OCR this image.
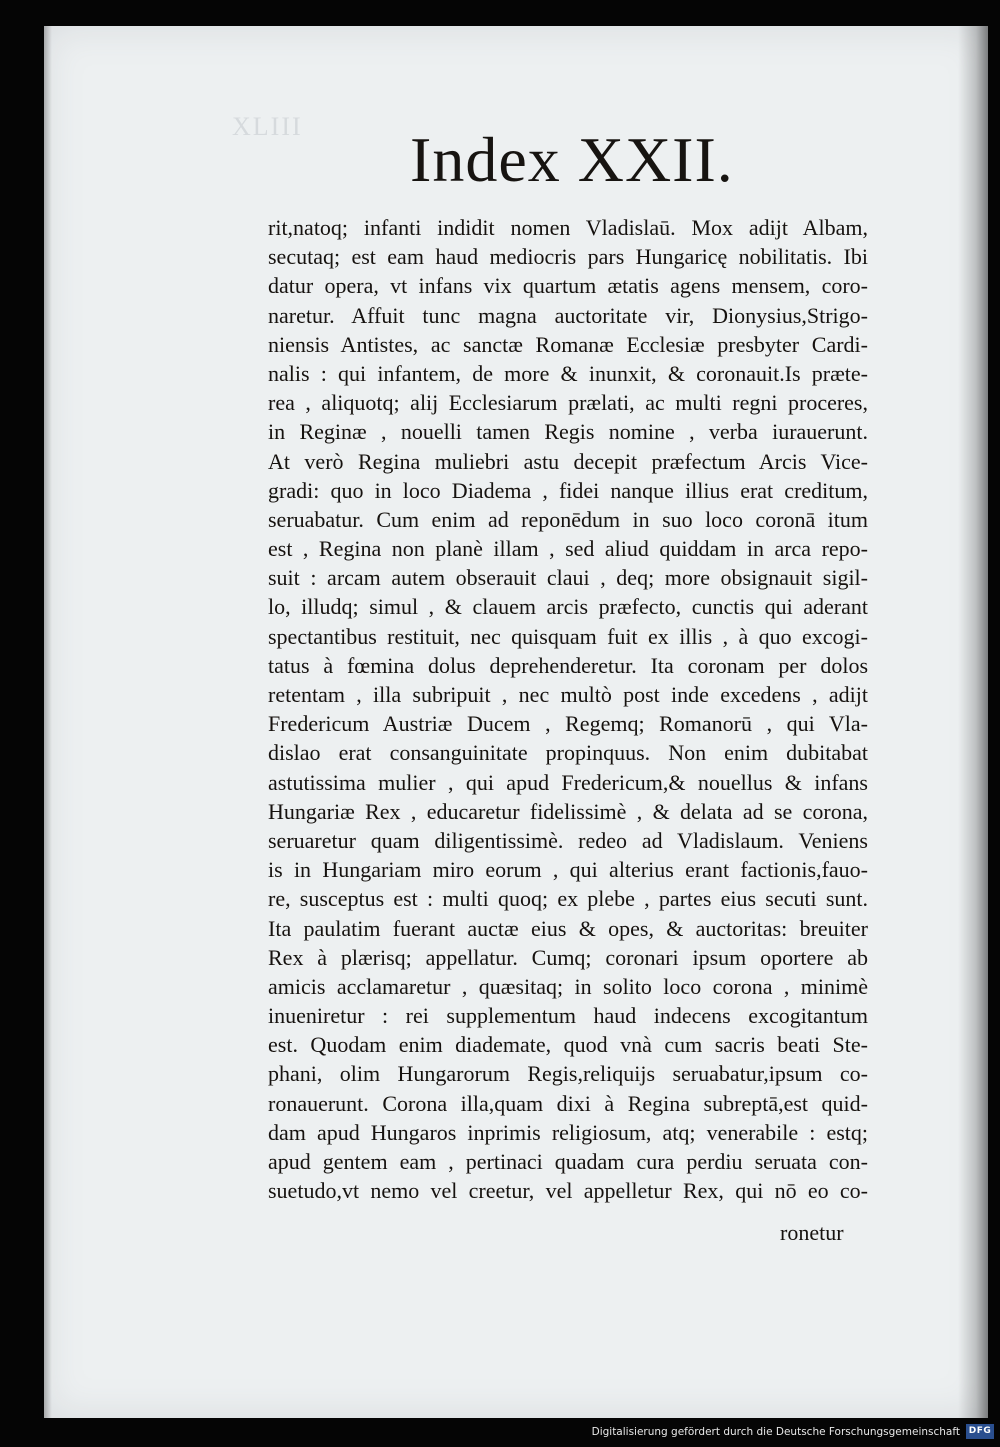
XLIII Index XXII.
rit,natoq; infanti indidit nomen Vladislaū. Mox adijt Albam,
secutaq; est eam haud mediocris pars Hungaricę nobilitatis. Ibi
datur opera, vt infans vix quartum ætatis agens mensem, coro-
naretur. Affuit tunc magna auctoritate vir, Dionysius,Strigo-
niensis Antistes, ac sanctæ Romanæ Ecclesiæ presbyter Cardi-
nalis : qui infantem, de more & inunxit, & coronauit.Is præte-
rea , aliquotq; alij Ecclesiarum prælati, ac multi regni proceres,
in Reginæ , nouelli tamen Regis nomine , verba iurauerunt.
At verò Regina muliebri astu decepit præfectum Arcis Vice-
gradi: quo in loco Diadema , fidei nanque illius erat creditum,
seruabatur. Cum enim ad reponēdum in suo loco coronā itum
est , Regina non planè illam , sed aliud quiddam in arca repo-
suit : arcam autem obserauit claui , deq; more obsignauit sigil-
lo, illudq; simul , & clauem arcis præfecto, cunctis qui aderant
spectantibus restituit, nec quisquam fuit ex illis , à quo excogi-
tatus à fœmina dolus deprehenderetur. Ita coronam per dolos
retentam , illa subripuit , nec multò post inde excedens , adijt
Fredericum Austriæ Ducem , Regemq; Romanorū , qui Vla-
dislao erat consanguinitate propinquus. Non enim dubitabat
astutissima mulier , qui apud Fredericum,& nouellus & infans
Hungariæ Rex , educaretur fidelissimè , & delata ad se corona,
seruaretur quam diligentissimè. redeo ad Vladislaum. Veniens
is in Hungariam miro eorum , qui alterius erant factionis,fauo-
re, susceptus est : multi quoq; ex plebe , partes eius secuti sunt.
Ita paulatim fuerant auctæ eius & opes, & auctoritas: breuiter
Rex à plærisq; appellatur. Cumq; coronari ipsum oportere ab
amicis acclamaretur , quæsitaq; in solito loco corona , minimè
inueniretur : rei supplementum haud indecens excogitantum
est. Quodam enim diademate, quod vnà cum sacris beati Ste-
phani, olim Hungarorum Regis,reliquijs seruabatur,ipsum co-
ronauerunt. Corona illa,quam dixi à Regina subreptā,est quid-
dam apud Hungaros inprimis religiosum, atq; venerabile : estq;
apud gentem eam , pertinaci quadam cura perdiu seruata con-
suetudo,vt nemo vel creetur, vel appelletur Rex, qui nō eo co-
ronetur
Digitalisierung gefördert durch die Deutsche Forschungsgemeinschaft DFG
